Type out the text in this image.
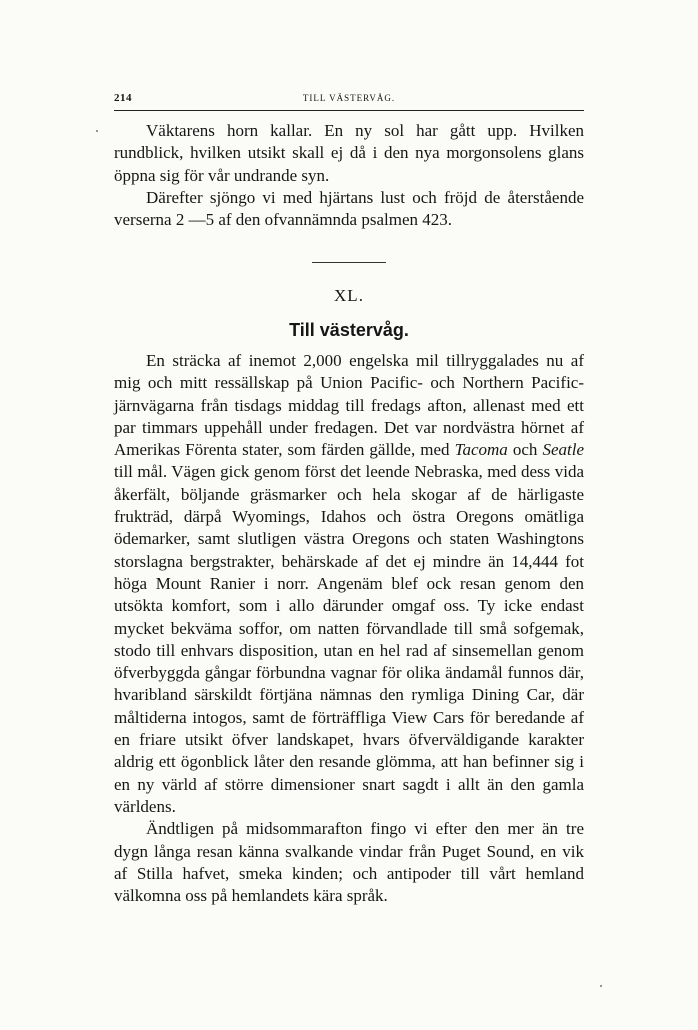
214	TILL VÄSTERVÅG.

Väktarens horn kallar. En ny sol har gått upp. Hvilken rundblick, hvilken utsikt skall ej då i den nya morgonsolens glans öppna sig för vår undrande syn.

Därefter sjöngo vi med hjärtans lust och fröjd de återstående verserna 2 —5 af den ofvannämnda psalmen 423.

XL.
Till västervåg.

En sträcka af inemot 2,000 engelska mil tillryggalades nu af mig och mitt ressällskap på Union Pacific- och Northern Pacific-järnvägarna från tisdags middag till fredags afton, allenast med ett par timmars uppehåll under fredagen. Det var nordvästra hörnet af Amerikas Förenta stater, som färden gällde, med Tacoma och Seatle till mål. Vägen gick genom först det leende Nebraska, med dess vida åkerfält, böljande gräsmarker och hela skogar af de härligaste frukträd, därpå Wyomings, Idahos och östra Oregons omätliga ödemarker, samt slutligen västra Oregons och staten Washingtons storslagna bergstrakter, behärskade af det ej mindre än 14,444 fot höga Mount Ranier i norr. Angenäm blef ock resan genom den utsökta komfort, som i allo därunder omgaf oss. Ty icke endast mycket bekväma soffor, om natten förvandlade till små sofgemak, stodo till enhvars disposition, utan en hel rad af sinsemellan genom öfverbyggda gångar förbundna vagnar för olika ändamål funnos där, hvaribland särskildt förtjäna nämnas den rymliga Dining Car, där måltiderna intogos, samt de förträffliga View Cars för beredande af en friare utsikt öfver landskapet, hvars öfverväldigande karakter aldrig ett ögonblick låter den resande glömma, att han befinner sig i en ny värld af större dimensioner snart sagdt i allt än den gamla världens.

Ändtligen på midsommarafton fingo vi efter den mer än tre dygn långa resan känna svalkande vindar från Puget Sound, en vik af Stilla hafvet, smeka kinden; och antipoder till vårt hemland välkomna oss på hemlandets kära språk.
